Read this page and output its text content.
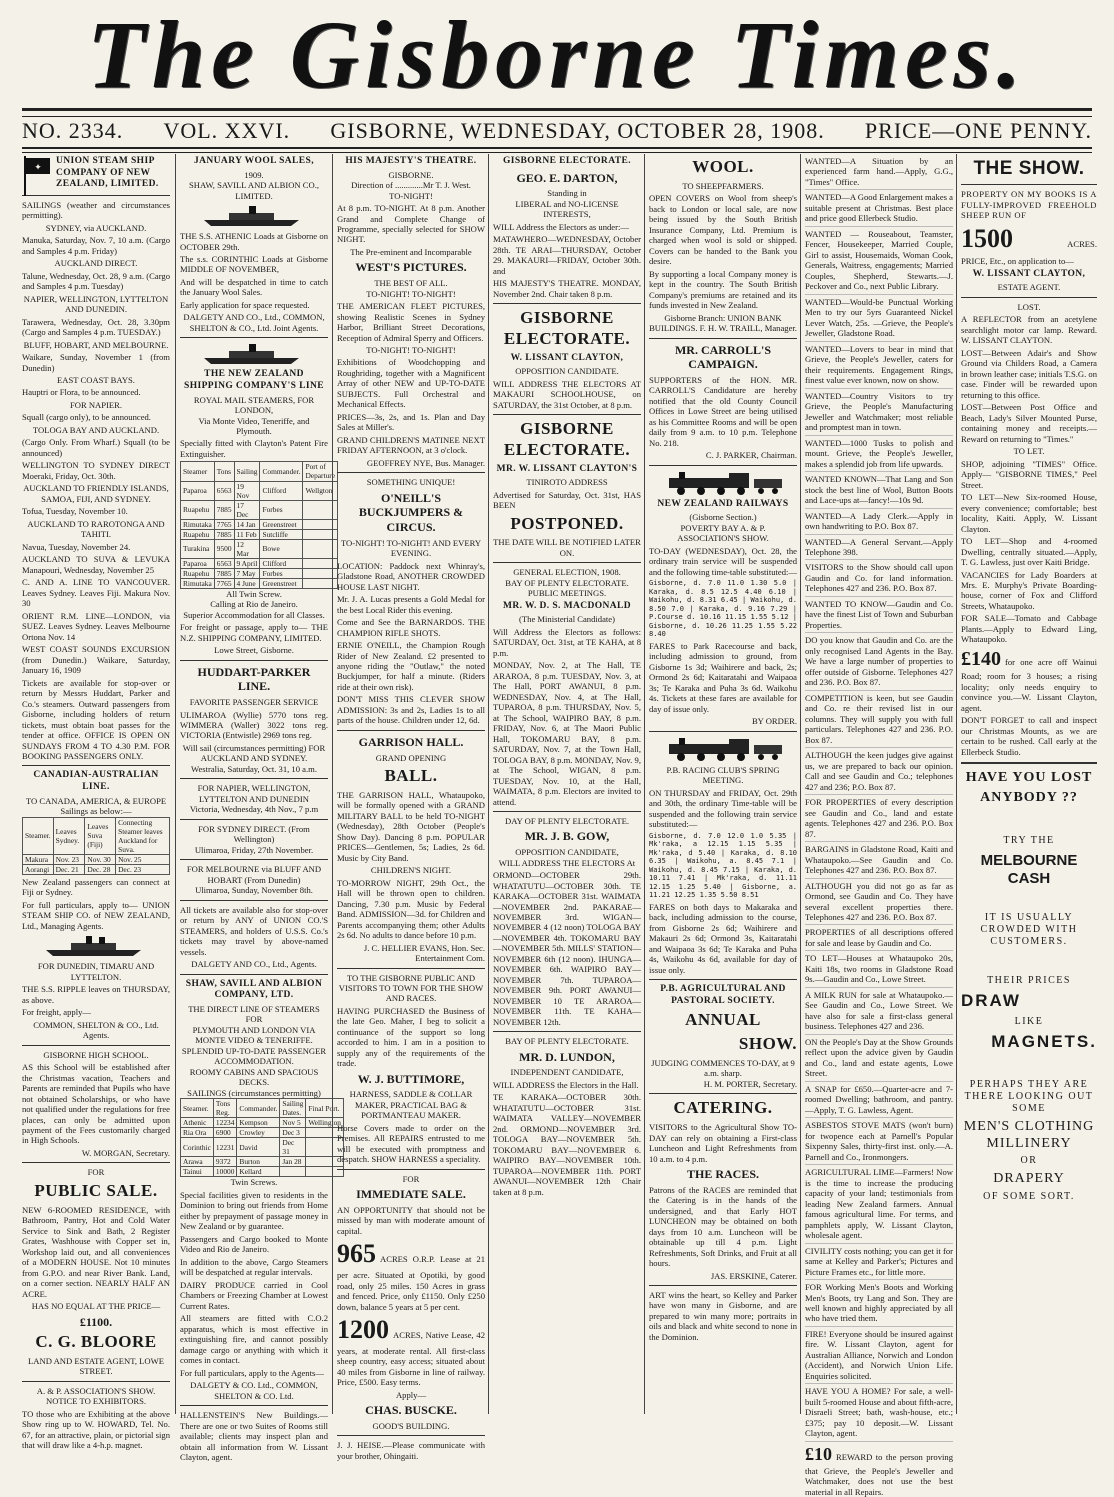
The Gisborne Times.
NO. 2334. VOL. XXVI. GISBORNE, WEDNESDAY, OCTOBER 28, 1908. PRICE—ONE PENNY.
✦
UNION STEAM SHIP COMPANY OF NEW ZEALAND, LIMITED.

SAILINGS (weather and circumstances permitting).

SYDNEY, via AUCKLAND.

Manuka, Saturday, Nov. 7, 10 a.m. (Cargo and Samples 4 p.m. Friday)

AUCKLAND DIRECT.

Talune, Wednesday, Oct. 28, 9 a.m. (Cargo and Samples 4 p.m. Tuesday)

NAPIER, WELLINGTON, LYTTELTON AND DUNEDIN.

Tarawera, Wednesday, Oct. 28, 3.30pm (Cargo and Samples 4 p.m. TUESDAY.)

BLUFF, HOBART, AND MELBOURNE.

Waikare, Sunday, November 1 (from Dunedin)

EAST COAST BAYS.

Hauptri or Flora, to be announced.

FOR NAPIER.

Squall (cargo only), to be announced.

TOLOGA BAY AND AUCKLAND.

(Cargo Only. From Wharf.) Squall (to be announced)

WELLINGTON TO SYDNEY DIRECT Moeraki, Friday, Oct. 30th.

AUCKLAND TO FRIENDLY ISLANDS, SAMOA, FIJI, AND SYDNEY.

Tofua, Tuesday, November 10.

AUCKLAND TO RAROTONGA AND TAHITI.

Navua, Tuesday, November 24.

AUCKLAND TO SUVA & LEVUKA Manapouri, Wednesday, November 25

C. AND A. LINE TO VANCOUVER. Leaves Sydney. Leaves Fiji. Makura Nov. 30

ORIENT R.M. LINE—LONDON, via SUEZ. Leaves Sydney. Leaves Melbourne Ortona Nov. 14

WEST COAST SOUNDS EXCURSION (from Dunedin.) Waikare, Saturday, January 16, 1909

Tickets are available for stop-over or return by Messrs Huddart, Parker and Co.'s steamers. Outward passengers from Gisborne, including holders of return tickets, must obtain boat passes for the tender at office. OFFICE IS OPEN ON SUNDAYS FROM 4 TO 4.30 P.M. FOR BOOKING PASSENGERS ONLY.

CANADIAN-AUSTRALIAN LINE.
TO CANADA, AMERICA, & EUROPE
Sailings as below:—
Steamer.	Leaves Sydney.	Leaves Suva (Fiji)	Connecting Steamer leaves Auckland for Suva.
Makura	Nov. 23	Nov. 30	Nov. 25
Aorangi	Dec. 21	Dec. 28	Dec. 23

New Zealand passengers can connect at Fiji or Sydney.

For full particulars, apply to— UNION STEAM SHIP CO. of NEW ZEALAND, Ltd., Managing Agents.

FOR DUNEDIN, TIMARU AND LYTTELTON.

THE S.S. RIPPLE leaves on THURSDAY, as above.

For freight, apply—

COMMON, SHELTON & CO., Ltd. Agents.
GISBORNE HIGH SCHOOL.

AS this School will be established after the Christmas vacation, Teachers and Parents are reminded that Pupils who have not obtained Scholarships, or who have not qualified under the regulations for free places, can only be admitted upon payment of the Fees customarily charged in High Schools.

W. MORGAN, Secretary.
FOR
PUBLIC SALE.

NEW 6-ROOMED RESIDENCE, with Bathroom, Pantry, Hot and Cold Water Service to Sink and Bath, 2 Register Grates, Washhouse with Copper set in, Workshop laid out, and all conveniences of a MODERN HOUSE. Not 10 minutes from G.P.O. and near River Bank. Land, on a corner section. NEARLY HALF AN ACRE.

HAS NO EQUAL AT THE PRICE—
£1100.
C. G. BLOORE
LAND AND ESTATE AGENT, LOWE STREET.
A. & P. ASSOCIATION'S SHOW.
NOTICE TO EXHIBITORS.

TO those who are Exhibiting at the above Show ring up to W. HOWARD, Tel. No. 67, for an attractive, plain, or pictorial sign that will draw like a 4-h.p. magnet.

JANUARY WOOL SALES,
1909.
SHAW, SAVILL AND ALBION CO., LIMITED.

THE S.S. ATHENIC Loads at Gisborne on OCTOBER 29th.

The s.s. CORINTHIC Loads at Gisborne MIDDLE OF NOVEMBER,

And will be despatched in time to catch the January Wool Sales.

Early application for space requested.

DALGETY AND CO., Ltd., COMMON, SHELTON & CO., Ltd. Joint Agents.
THE NEW ZEALAND SHIPPING COMPANY'S LINE
ROYAL MAIL STEAMERS, FOR LONDON,
Via Monte Video, Teneriffe, and Plymouth.

Specially fitted with Clayton's Patent Fire Extinguisher.

Steamer	Tons	Sailing	Commander.	Port of Departure
Paparoa	6563	19 Nov	Clifford	Wellgton
Ruapehu	7885	17 Dec	Forbes	
Rimutaka	7765	14 Jan	Greenstreet	
Ruapehu	7885	11 Feb	Sutcliffe	
Turakina	9500	12 Mar	Bowe	
Paparoa	6563	9 April	Clifford	
Ruapehu	7885	7 May	Forbes	
Rimutaka	7765	4 June	Greenstreet	
All Twin Screw.
Calling at Rio de Janeiro.
Superior Accommodation for all Classes.

For freight or passage, apply to— THE N.Z. SHIPPING COMPANY, LIMITED.

Lowe Street, Gisborne.
HUDDART-PARKER LINE.
FAVORITE PASSENGER SERVICE

ULIMAROA (Wyllie) 5770 tons reg. WIMMERA (Waller) 3022 tons reg. VICTORIA (Entwistle) 2969 tons reg.

Will sail (circumstances permitting) FOR AUCKLAND AND SYDNEY.
Westralia, Saturday, Oct. 31, 10 a.m.
FOR NAPIER, WELLINGTON, LYTTELTON AND DUNEDIN
Victoria, Wednesday, 4th Nov., 7 p.m
FOR SYDNEY DIRECT. (From Wellington)
Ulimaroa, Friday, 27th November.
FOR MELBOURNE via BLUFF AND HOBART (From Dunedin)
Ulimaroa, Sunday, November 8th.

All tickets are available also for stop-over or return by ANY of UNION CO.'S STEAMERS, and holders of U.S.S. Co.'s tickets may travel by above-named vessels.

DALGETY AND CO., Ltd., Agents.
SHAW, SAVILL AND ALBION COMPANY, LTD.
THE DIRECT LINE OF STEAMERS FOR
PLYMOUTH AND LONDON VIA MONTE VIDEO & TENERIFFE.
SPLENDID UP-TO-DATE PASSENGER ACCOMMODATION.
ROOMY CABINS AND SPACIOUS DECKS.
SAILINGS (circumstances permitting)
Steamer.	Tons Reg.	Commander.	Sailing Dates.	Final Port.
Athenic	12234	Kempson	Nov 5	Wellington
Ria Ora	6900	Crowley	Dec 3	
Corinthic	12231	David	Dec 31	
Arawa	9372	Burton	Jan 28	
Tainui	10000	Kellard		
Twin Screws.

Special facilities given to residents in the Dominion to bring out friends from Home either by prepayment of passage money in New Zealand or by guarantee.

Passengers and Cargo booked to Monte Video and Rio de Janeiro.

In addition to the above, Cargo Steamers will be despatched at regular intervals.

DAIRY PRODUCE carried in Cool Chambers or Freezing Chamber at Lowest Current Rates.

All steamers are fitted with C.O.2 apparatus, which is most effective in extinguishing fire, and cannot possibly damage cargo or anything with which it comes in contact.

For full particulars, apply to the Agents—

DALGETY & CO. Ltd., COMMON, SHELTON & CO. Ltd.

HALLENSTEIN'S New Buildings.—There are one or two Suites of Rooms still available; clients may inspect plan and obtain all information from W. Lissant Clayton, agent.

HIS MAJESTY'S THEATRE.
GISBORNE.
Direction of .............Mr T. J. West.
TO-NIGHT!

At 8 p.m. TO-NIGHT. At 8 p.m. Another Grand and Complete Change of Programme, specially selected for SHOW NIGHT.

The Pre-eminent and Incomparable
WEST'S PICTURES.
THE BEST OF ALL.
TO-NIGHT! TO-NIGHT!

THE AMERICAN FLEET PICTURES, showing Realistic Scenes in Sydney Harbor, Brilliant Street Decorations, Reception of Admiral Sperry and Officers.

TO-NIGHT! TO-NIGHT!

Exhibitions of Woodchopping and Roughriding, together with a Magnificent Array of other NEW and UP-TO-DATE SUBJECTS. Full Orchestral and Mechanical Effects.

PRICES—3s, 2s, and 1s. Plan and Day Sales at Miller's.

GRAND CHILDREN'S MATINEE NEXT FRIDAY AFTERNOON, at 3 o'clock.

GEOFFREY NYE, Bus. Manager.
SOMETHING UNIQUE!
O'NEILL'S BUCKJUMPERS & CIRCUS.
TO-NIGHT! TO-NIGHT! AND EVERY EVENING.

LOCATION: Paddock next Whinray's, Gladstone Road, ANOTHER CROWDED HOUSE LAST NIGHT.

Mr. J. A. Lucas presents a Gold Medal for the best Local Rider this evening.

Come and See the BARNARDOS. THE CHAMPION RIFLE SHOTS.

ERNIE O'NEILL, the Champion Rough Rider of New Zealand. £2 presented to anyone riding the "Outlaw," the noted Buckjumper, for half a minute. (Riders ride at their own risk).

DON'T MISS THIS CLEVER SHOW ADMISSION: 3s and 2s, Ladies 1s to all parts of the house. Children under 12, 6d.

GARRISON HALL.
GRAND OPENING
BALL.

THE GARRISON HALL, Whataupoko, will be formally opened with a GRAND MILITARY BALL to be held TO-NIGHT (Wednesday), 28th October (People's Show Day). Dancing 8 p.m. POPULAR PRICES—Gentlemen, 5s; Ladies, 2s 6d. Music by City Band.

CHILDREN'S NIGHT.

TO-MORROW NIGHT, 29th Oct., the Hall will be thrown open to children. Dancing, 7.30 p.m. Music by Federal Band. ADMISSION—3d. for Children and Parents accompanying them; other Adults 2s 6d. No adults to dance before 10 p.m.

J. C. HELLIER EVANS, Hon. Sec. Entertainment Com.
TO THE GISBORNE PUBLIC AND VISITORS TO TOWN FOR THE SHOW AND RACES.

HAVING PURCHASED the Business of the late Geo. Maher, I beg to solicit a continuance of the support so long accorded to him. I am in a position to supply any of the requirements of the trade.

W. J. BUTTIMORE,
HARNESS, SADDLE & COLLAR MAKER, PRACTICAL BAG & PORTMANTEAU MAKER.

Horse Covers made to order on the Premises. All REPAIRS entrusted to me will be executed with promptness and despatch. SHOW HARNESS a speciality.

FOR
IMMEDIATE SALE.

AN OPPORTUNITY that should not be missed by man with moderate amount of capital.

965 ACRES O.R.P. Lease at 21 per acre. Situated at Opotiki, by good road, only 25 miles. 150 Acres in grass and fenced. Price, only £1150. Only £250 down, balance 5 years at 5 per cent.

1200 ACRES, Native Lease, 42 years, at moderate rental. All first-class sheep country, easy access; situated about 40 miles from Gisborne in line of railway. Price, £500. Easy terms.

Apply—
CHAS. BUSCKE.
GOOD'S BUILDING.

J. J. HEISE.—Please communicate with your brother, Ohingaiti.

GISBORNE ELECTORATE.
GEO. E. DARTON,
Standing in
LIBERAL and NO-LICENSE INTERESTS,

WILL Address the Electors as under:—

MATAWHERO—WEDNESDAY, October 28th. TE ARAI—THURSDAY, October 29. MAKAURI—FRIDAY, October 30th. and

HIS MAJESTY'S THEATRE. MONDAY, November 2nd. Chair taken 8 p.m.

GISBORNE ELECTORATE.
W. LISSANT CLAYTON,
OPPOSITION CANDIDATE.

WILL ADDRESS THE ELECTORS AT MAKAURI SCHOOLHOUSE, on SATURDAY, the 31st October, at 8 p.m.

GISBORNE ELECTORATE.
MR. W. LISSANT CLAYTON'S
TINIROTO ADDRESS

Advertised for Saturday, Oct. 31st, HAS BEEN

POSTPONED.
THE DATE WILL BE NOTIFIED LATER ON.
GENERAL ELECTION, 1908.
BAY OF PLENTY ELECTORATE.
PUBLIC MEETINGS.
MR. W. D. S. MACDONALD
(The Ministerial Candidate)

Will Address the Electors as follows: SATURDAY, Oct. 31st, at TE KAHA, at 8 p.m.

MONDAY, Nov. 2, at The Hall, TE ARAROA, 8 p.m. TUESDAY, Nov. 3, at The Hall, PORT AWANUI, 8 p.m. WEDNESDAY, Nov. 4, at The Hall, TUPAROA, 8 p.m. THURSDAY, Nov. 5, at The School, WAIPIRO BAY, 8 p.m. FRIDAY, Nov. 6, at The Maori Public Hall, TOKOMARU BAY, 8 p.m. SATURDAY, Nov. 7, at the Town Hall, TOLOGA BAY, 8 p.m. MONDAY, Nov. 9, at The School, WIGAN, 8 p.m. TUESDAY, Nov. 10, at the Hall, WAIMATA, 8 p.m. Electors are invited to attend.

DAY OF PLENTY ELECTORATE.
MR. J. B. GOW,
OPPOSITION CANDIDATE,
WILL ADDRESS THE ELECTORS At

ORMOND—OCTOBER 29th. WHATATUTU—OCTOBER 30th. TE KARAKA—OCTOBER 31st. WAIMATA—NOVEMBER 2nd. PAKARAE—NOVEMBER 3rd. WIGAN—NOVEMBER 4 (12 noon) TOLOGA BAY—NOVEMBER 4th. TOKOMARU BAY—NOVEMBER 5th. MILLS' STATION—NOVEMBER 6th (12 noon). IHUNGA—NOVEMBER 6th. WAIPIRO BAY—NOVEMBER 7th. TUPAROA—NOVEMBER 9th. PORT AWANUI—NOVEMBER 10 TE ARAROA—NOVEMBER 11th. TE KAHA—NOVEMBER 12th.

BAY OF PLENTY ELECTORATE.
MR. D. LUNDON,
INDEPENDENT CANDIDATE,

WILL ADDRESS the Electors in the Hall.

TE KARAKA—OCTOBER 30th. WHATATUTU—OCTOBER 31st. WAIMATA VALLEY—NOVEMBER 2nd. ORMOND—NOVEMBER 3rd. TOLOGA BAY—NOVEMBER 5th. TOKOMARU BAY—NOVEMBER 6. WAIPIRO BAY—NOVEMBER 10th. TUPAROA—NOVEMBER 11th. PORT AWANUI—NOVEMBER 12th Chair taken at 8 p.m.

WOOL.
TO SHEEPFARMERS.

OPEN COVERS on Wool from sheep's back to London or local sale, are now being issued by the South British Insurance Company, Ltd. Premium is charged when wool is sold or shipped. Covers can be handed to the Bank you desire.

By supporting a local Company money is kept in the country. The South British Company's premiums are retained and its funds invested in New Zealand.

Gisborne Branch: UNION BANK BUILDINGS. F. H. W. TRAILL, Manager.
MR. CARROLL'S CAMPAIGN.

SUPPORTERS of the HON. MR. CARROLL'S Candidature are hereby notified that the old County Council Offices in Lowe Street are being utilised as his Committee Rooms and will be open daily from 9 a.m. to 10 p.m. Telephone No. 218.

C. J. PARKER, Chairman.
NEW ZEALAND RAILWAYS
(Gisborne Section.)
POVERTY BAY A. & P. ASSOCIATION'S SHOW.

TO-DAY (WEDNESDAY), Oct. 28, the ordinary train service will be suspended and the following time-table substituted:—

Gisborne, d. 7.0 11.0 1.30 5.0 | Karaka, d. 8.5 12.5 4.40 6.10 | Waikohu, d. 8.31 6.45 | Waikohu, d. 8.50 7.0 | Karaka, d. 9.16 7.29 | P.Course d. 10.16 11.15 1.55 5.12 | Gisborne, d. 10.26 11.25 1.55 5.22 8.40

FARES to Park Racecourse and back, including admission to ground, from Gisborne 1s 3d; Waihirere and back, 2s; Ormond 2s 6d; Kaitaratahi and Waipaoa 3s; Te Karaka and Puha 3s 6d. Waikohu 4s. Tickets at these fares are available for day of issue only.

BY ORDER.
P.B. RACING CLUB'S SPRING MEETING.

ON THURSDAY and FRIDAY, Oct. 29th and 30th, the ordinary Time-table will be suspended and the following train service substituted:—

Gisborne, d. 7.0 12.0 1.0 5.35 | Mk'raka, a 12.15 1.15 5.35 | Mk'raka, d 5.40 | Karaka, d. 8.10 6.35 | Waikohu, a. 8.45 7.1 | Waikohu, d. 8.45 7.15 | Karaka, d. 10.11 7.41 | Mk'raka, d. 11.11 12.15 1.25 5.40 | Gisborne, a. 11.21 12.25 1.35 5.50 8.51

FARES on both days to Makaraka and back, including admission to the course, from Gisborne 2s 6d; Waihirere and Makauri 2s 6d; Ormond 3s, Kaitaratahi and Waipaoa 3s 6d; Te Karaka and Puha 4s, Waikohu 4s 6d, available for day of issue only.

P.B. AGRICULTURAL AND PASTORAL SOCIETY.
ANNUAL
SHOW.
JUDGING COMMENCES TO-DAY, at 9 a.m. sharp.
H. M. PORTER, Secretary.
CATERING.

VISITORS to the Agricultural Show TO-DAY can rely on obtaining a First-class Luncheon and Light Refreshments from 10 a.m. to 4 p.m.

THE RACES.

Patrons of the RACES are reminded that the Catering is in the hands of the undersigned, and that Early HOT LUNCHEON may be obtained on both days from 10 a.m. Luncheon will be obtainable up till 4 p.m. Light Refreshments, Soft Drinks, and Fruit at all hours.

JAS. ERSKINE, Caterer.

ART wins the heart, so Kelley and Parker have won many in Gisborne, and are prepared to win many more; portraits in oils and black and white second to none in the Dominion.

WANTED—A Situation by an experienced farm hand.—Apply, G.G., "Times" Office.

WANTED—A Good Enlargement makes a suitable present at Christmas. Best place and price good Ellerbeck Studio.

WANTED — Rouseabout, Teamster, Fencer, Housekeeper, Married Couple, Girl to assist, Housemaids, Woman Cook, Generals, Waitress, engagements; Married Couples, Shepherd, Stewarts.—J. Peckover and Co., next Public Library.

WANTED—Would-be Punctual Working Men to try our 5yrs Guaranteed Nickel Lever Watch, 25s. —Grieve, the People's Jeweller, Gladstone Road.

WANTED—Lovers to bear in mind that Grieve, the People's Jeweller, caters for their requirements. Engagement Rings, finest value ever known, now on show.

WANTED—Country Visitors to try Grieve, the People's Manufacturing Jeweller and Watchmaker; most reliable and promptest man in town.

WANTED—1000 Tusks to polish and mount. Grieve, the People's Jeweller, makes a splendid job from life upwards.

WANTED KNOWN—That Lang and Son stock the best line of Wool, Button Boots and Lace-ups at—fancy!—10s 9d.

WANTED—A Lady Clerk.—Apply in own handwriting to P.O. Box 87.

WANTED—A General Servant.—Apply Telephone 398.

VISITORS to the Show should call upon Gaudin and Co. for land information. Telephones 427 and 236. P.O. Box 87.

WANTED TO KNOW—Gaudin and Co. have the finest List of Town and Suburban Properties.

DO you know that Gaudin and Co. are the only recognised Land Agents in the Bay. We have a large number of properties to offer outside of Gisborne. Telephones 427 and 236. P.O. Box 87.

COMPETITION is keen, but see Gaudin and Co. re their revised list in our columns. They will supply you with full particulars. Telephones 427 and 236. P.O. Box 87.

ALTHOUGH the keen judges give against us, we are prepared to back our opinion. Call and see Gaudin and Co.; telephones 427 and 236; P.O. Box 87.

FOR PROPERTIES of every description see Gaudin and Co., land and estate agents. Telephones 427 and 236. P.O. Box 87.

BARGAINS in Gladstone Road, Kaiti and Whataupoko.—See Gaudin and Co. Telephones 427 and 236. P.O. Box 87.

ALTHOUGH you did not go as far as Ormond, see Gaudin and Co. They have several excellent properties there. Telephones 427 and 236. P.O. Box 87.

PROPERTIES of all descriptions offered for sale and lease by Gaudin and Co.

TO LET—Houses at Whataupoko 20s, Kaiti 18s, two rooms in Gladstone Road 9s.—Gaudin and Co., Lowe Street.

A MILK RUN for sale at Whataupoko.—See Gaudin and Co., Lowe Street. We have also for sale a first-class general business. Telephones 427 and 236.

ON the People's Day at the Show Grounds reflect upon the advice given by Gaudin and Co., land and estate agents, Lowe Street.

A SNAP for £650.—Quarter-acre and 7-roomed Dwelling; bathroom, and pantry.—Apply, T. G. Lawless, Agent.

ASBESTOS STOVE MATS (won't burn) for twopence each at Parnell's Popular Sixpenny Sales, thirty-first inst. only.—A. Parnell and Co., Ironmongers.

AGRICULTURAL LIME—Farmers! Now is the time to increase the producing capacity of your land; testimonials from leading New Zealand farmers. Annual famous agricultural lime. For terms, and pamphlets apply, W. Lissant Clayton, wholesale agent.

CIVILITY costs nothing; you can get it for same at Kelley and Parker's; Pictures and Picture Frames etc., for little more.

FOR Working Men's Boots and Working Men's Boots, try Lang and Son. They are well known and highly appreciated by all who have tried them.

FIRE! Everyone should be insured against fire. W. Lissant Clayton, agent for Australian Alliance, Norwich and London (Accident), and Norwich Union Life. Enquiries solicited.

HAVE YOU A HOME? For sale, a well-built 5-roomed House and about fifth-acre, Disraeli Street; bath, wash-house, etc.; £375; pay 10 deposit.—W. Lissant Clayton, agent.

£10 REWARD to the person proving that Grieve, the People's Jeweller and Watchmaker, does not use the best material in all Repairs.

THE SHOW.

PROPERTY ON MY BOOKS IS A FULLY-IMPROVED FREEHOLD SHEEP RUN OF

1500	ACRES.

PRICE, Etc., on application to—

W. LISSANT CLAYTON,
ESTATE AGENT.
LOST.

A REFLECTOR from an acetylene searchlight motor car lamp. Reward. W. LISSANT CLAYTON.

LOST—Between Adair's and Show Ground via Childers Road, a Camera in brown leather case; initials T.S.G. on case. Finder will be rewarded upon returning to this office.

LOST—Between Post Office and Beach, Lady's Silver Mounted Purse, containing money and receipts.—Reward on returning to "Times."

TO LET.

SHOP, adjoining "TIMES" Office. Apply— "GISBORNE TIMES," Peel Street.

TO LET—New Six-roomed House, every convenience; comfortable; best locality, Kaiti. Apply, W. Lissant Clayton.

TO LET—Shop and 4-roomed Dwelling, centrally situated.—Apply, T. G. Lawless, just over Kaiti Bridge.

VACANCIES for Lady Boarders at Mrs. E. Murphy's Private Boarding-house, corner of Fox and Clifford Streets, Whataupoko.

FOR SALE—Tomato and Cabbage Plants.—Apply to Edward Ling, Whataupoko.

£140 for one acre off Wainui Road; room for 3 houses; a rising locality; only needs enquiry to convince you.—W. Lissant Clayton, agent.

DON'T FORGET to call and inspect our Christmas Mounts, as we are certain to be rushed. Call early at the Ellerbeck Studio.

HAVE YOU LOST
ANYBODY ??
TRY THE
MELBOURNE CASH
IT IS USUALLY CROWDED WITH CUSTOMERS.
THEIR PRICES
DRAW
LIKE
MAGNETS.
PERHAPS THEY ARE THERE LOOKING OUT SOME
MEN'S CLOTHING MILLINERY
OR
DRAPERY
OF SOME SORT.
